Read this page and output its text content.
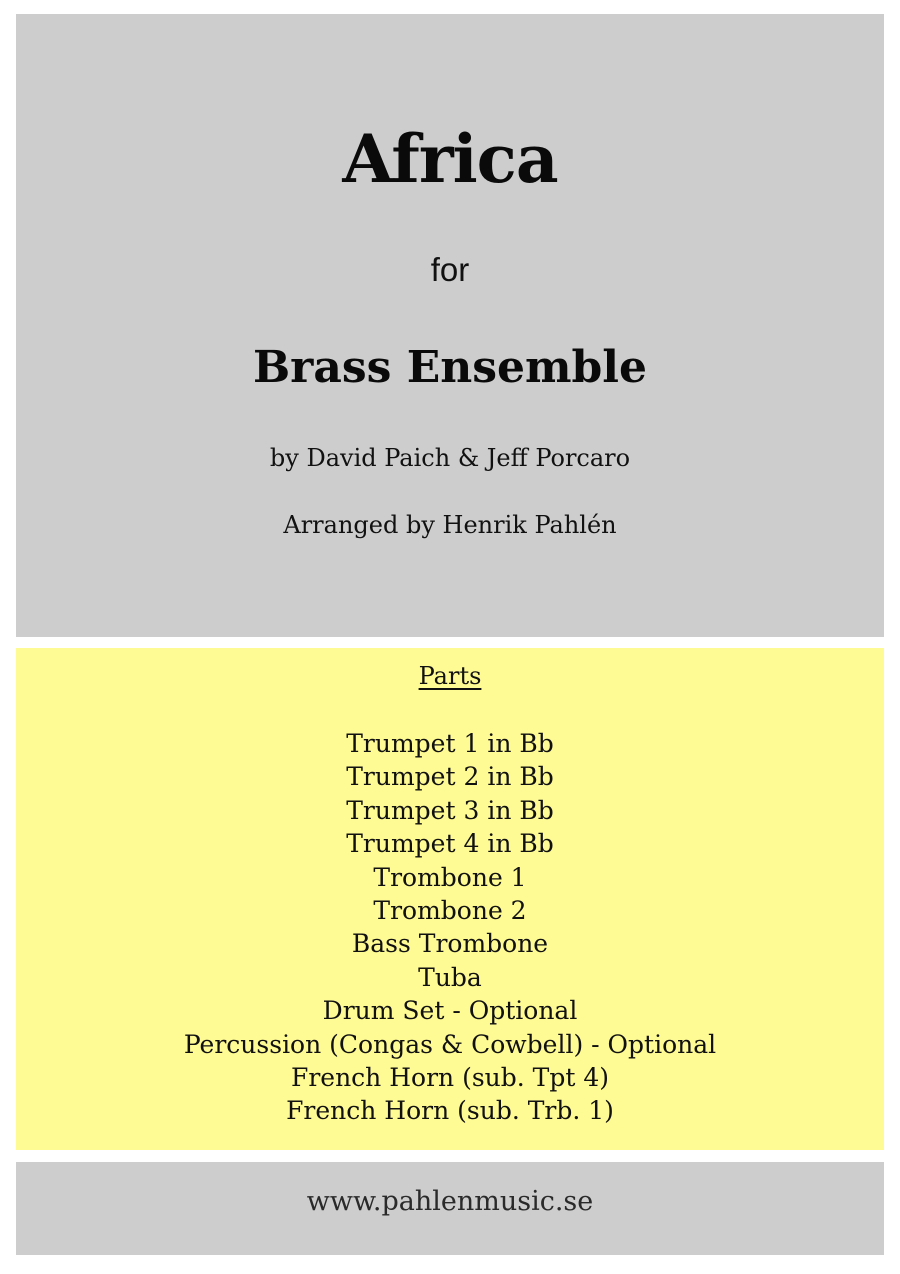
Africa
for
Brass Ensemble
by David Paich & Jeff Porcaro
Arranged by Henrik Pahlén
Parts
Trumpet 1 in Bb
Trumpet 2 in Bb
Trumpet 3 in Bb
Trumpet 4 in Bb
Trombone 1
Trombone 2
Bass Trombone
Tuba
Drum Set - Optional
Percussion (Congas & Cowbell) - Optional
French Horn (sub. Tpt 4)
French Horn (sub. Trb. 1)
www.pahlenmusic.se
